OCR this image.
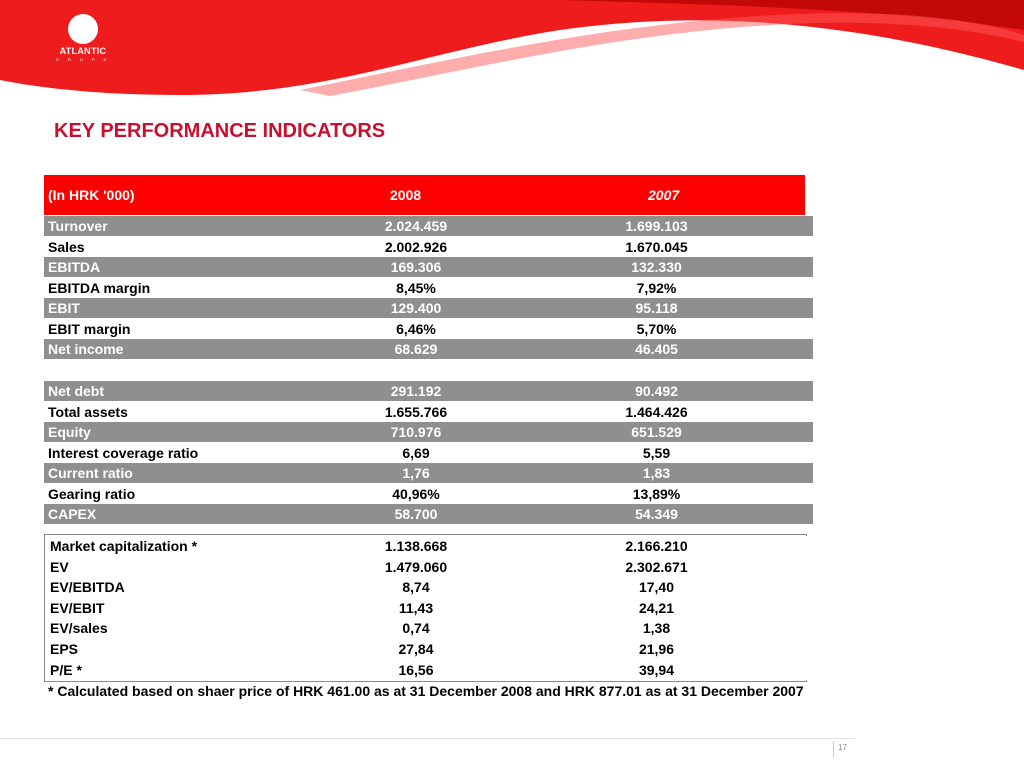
ATLANTIC
G R U P A
KEY PERFORMANCE INDICATORS
(In HRK '000)	2008	2007
Turnover	2.024.459	1.699.103
Sales	2.002.926	1.670.045
EBITDA	169.306	132.330
EBITDA margin	8,45%	7,92%
EBIT	129.400	95.118
EBIT margin	6,46%	5,70%
Net income	68.629	46.405
Net debt	291.192	90.492
Total assets	1.655.766	1.464.426
Equity	710.976	651.529
Interest coverage ratio	6,69	5,59
Current ratio	1,76	1,83
Gearing ratio	40,96%	13,89%
CAPEX	58.700	54.349
Market capitalization *	1.138.668	2.166.210
EV	1.479.060	2.302.671
EV/EBITDA	8,74	17,40
EV/EBIT	11,43	24,21
EV/sales	0,74	1,38
EPS	27,84	21,96
P/E *	16,56	39,94
* Calculated based on shaer price of HRK 461.00 as at 31 December 2008 and HRK 877.01 as at 31 December 2007
17
